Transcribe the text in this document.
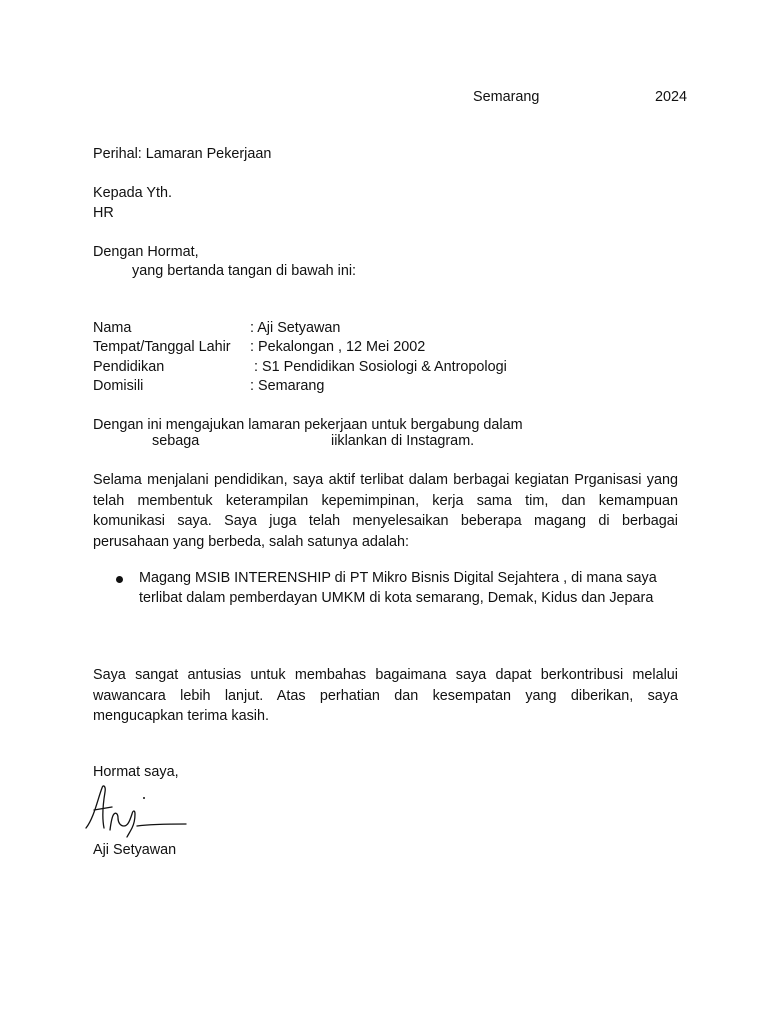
Semarang	2024

Perihal: Lamaran Pekerjaan

Kepada Yth.

HR

Dengan Hormat,

yang bertanda tangan di bawah ini:

Nama	: Aji Setyawan

Tempat/Tanggal Lahir : Pekalongan , 12 Mei 2002

Pendidikan	: S1 Pendidikan Sosiologi & Antropologi

Domisili	: Semarang

Dengan ini mengajukan lamaran pekerjaan untuk bergabung dalam

sebaga	iiklankan di Instagram.

Selama menjalani pendidikan, saya aktif terlibat dalam berbagai kegiatan Prganisasi yang telah membentuk keterampilan kepemimpinan, kerja sama tim, dan kemampuan komunikasi saya. Saya juga telah menyelesaikan beberapa magang di berbagai perusahaan yang berbeda, salah satunya adalah:

Magang MSIB INTERENSHIP di PT Mikro Bisnis Digital Sejahtera , di mana saya terlibat dalam pemberdayan UMKM di kota semarang, Demak, Kidus dan Jepara

Saya sangat antusias untuk membahas bagaimana saya dapat berkontribusi melalui wawancara lebih lanjut. Atas perhatian dan kesempatan yang diberikan, saya mengucapkan terima kasih.

Hormat saya,

Aji Setyawan
